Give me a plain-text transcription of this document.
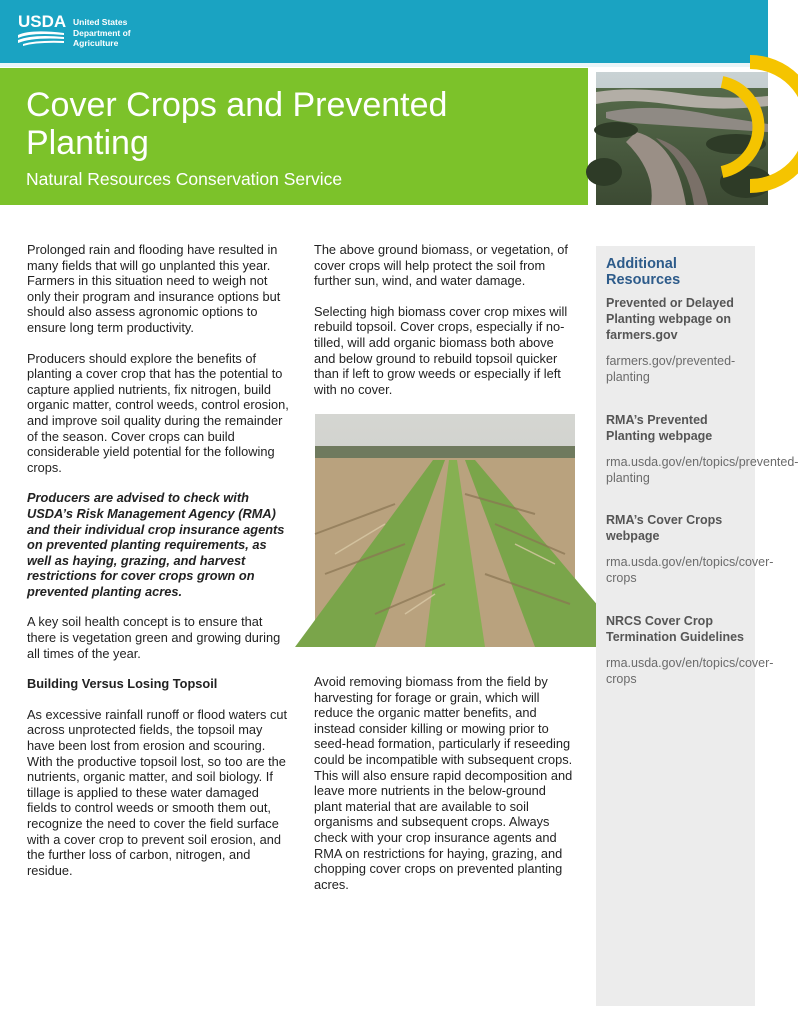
USDA United States
Department of
Agriculture
Cover Crops and Prevented Planting
Natural Resources Conservation Service

Prolonged rain and flooding have resulted in many fields that will go unplanted this year. Farmers in this situation need to weigh not only their program and insurance options but should also assess agronomic options to ensure long term productivity.

Producers should explore the benefits of planting a cover crop that has the potential to capture applied nutrients, fix nitrogen, build organic matter, control weeds, control erosion, and improve soil quality during the remainder of the season. Cover crops can build considerable yield potential for the following crops.

Producers are advised to check with USDA’s Risk Management Agency (RMA) and their individual crop insurance agents on prevented planting requirements, as well as haying, grazing, and harvest restrictions for cover crops grown on prevented planting acres.

A key soil health concept is to ensure that there is vegetation green and growing during all times of the year.

Building Versus Losing Topsoil

As excessive rainfall runoff or flood waters cut across unprotected fields, the topsoil may have been lost from erosion and scouring. With the productive topsoil lost, so too are the nutrients, organic matter, and soil biology. If tillage is applied to these water damaged fields to control weeds or smooth them out, recognize the need to cover the field surface with a cover crop to prevent soil erosion, and the further loss of carbon, nitrogen, and residue.

The above ground biomass, or vegetation, of cover crops will help protect the soil from further sun, wind, and water damage.

Selecting high biomass cover crop mixes will rebuild topsoil. Cover crops, especially if no-tilled, will add organic biomass both above and below ground to rebuild topsoil quicker than if left to grow weeds or especially if left with no cover.

Avoid removing biomass from the field by harvesting for forage or grain, which will reduce the organic matter benefits, and instead consider killing or mowing prior to seed-head formation, particularly if reseeding could be incompatible with subsequent crops. This will also ensure rapid decomposition and leave more nutrients in the below-ground plant material that are available to soil organisms and subsequent crops. Always check with your crop insurance agents and RMA on restrictions for haying, grazing, and chopping cover crops on prevented planting acres.

Additional Resources
Prevented or Delayed Planting webpage on farmers.gov
farmers.gov/prevented-planting
RMA’s Prevented Planting webpage
rma.usda.gov/en/topics/prevented-planting
RMA’s Cover Crops webpage
rma.usda.gov/en/topics/cover-crops
NRCS Cover Crop Termination Guidelines
rma.usda.gov/en/topics/cover-crops
